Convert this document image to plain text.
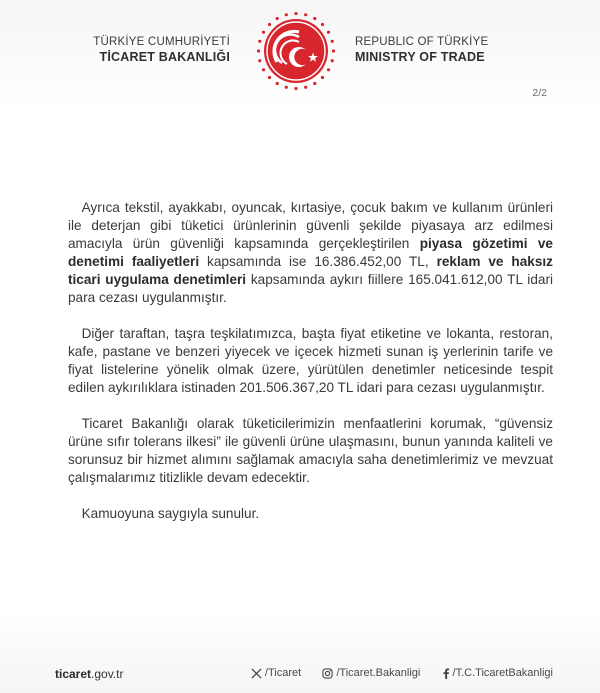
TÜRKİYE CUMHURİYETİ
TİCARET BAKANLIĞI
REPUBLIC OF TÜRKİYE
MINISTRY OF TRADE
2/2

 Ayrıca tekstil, ayakkabı, oyuncak, kırtasiye, çocuk bakım ve kullanım ürünleri ile deterjan gibi tüketici ürünlerinin güvenli şekilde piyasaya arz edilmesi amacıyla ürün güvenliği kapsamında gerçekleştirilen piyasa gözetimi ve denetimi faaliyetleri kapsamında ise 16.386.452,00 TL, reklam ve haksız ticari uygulama denetimleri kapsamında aykırı fiillere 165.041.612,00 TL idari para cezası uygulanmıştır.

 Diğer taraftan, taşra teşkilatımızca, başta fiyat etiketine ve lokanta, restoran, kafe, pastane ve benzeri yiyecek ve içecek hizmeti sunan iş yerlerinin tarife ve fiyat listelerine yönelik olmak üzere, yürütülen denetimler neticesinde tespit edilen aykırılıklara istinaden 201.506.367,20 TL idari para cezası uygulanmıştır.

 Ticaret Bakanlığı olarak tüketicilerimizin menfaatlerini korumak, “güvensiz ürüne sıfır tolerans ilkesi” ile güvenli ürüne ulaşmasını, bunun yanında kaliteli ve sorunsuz bir hizmet alımını sağlamak amacıyla saha denetimlerimiz ve mevzuat çalışmalarımız titizlikle devam edecektir.

 Kamuoyuna saygıyla sunulur.

ticaret.gov.tr	/Ticaret
	/Ticaret.Bakanligi
	/T.C.TicaretBakanligi
